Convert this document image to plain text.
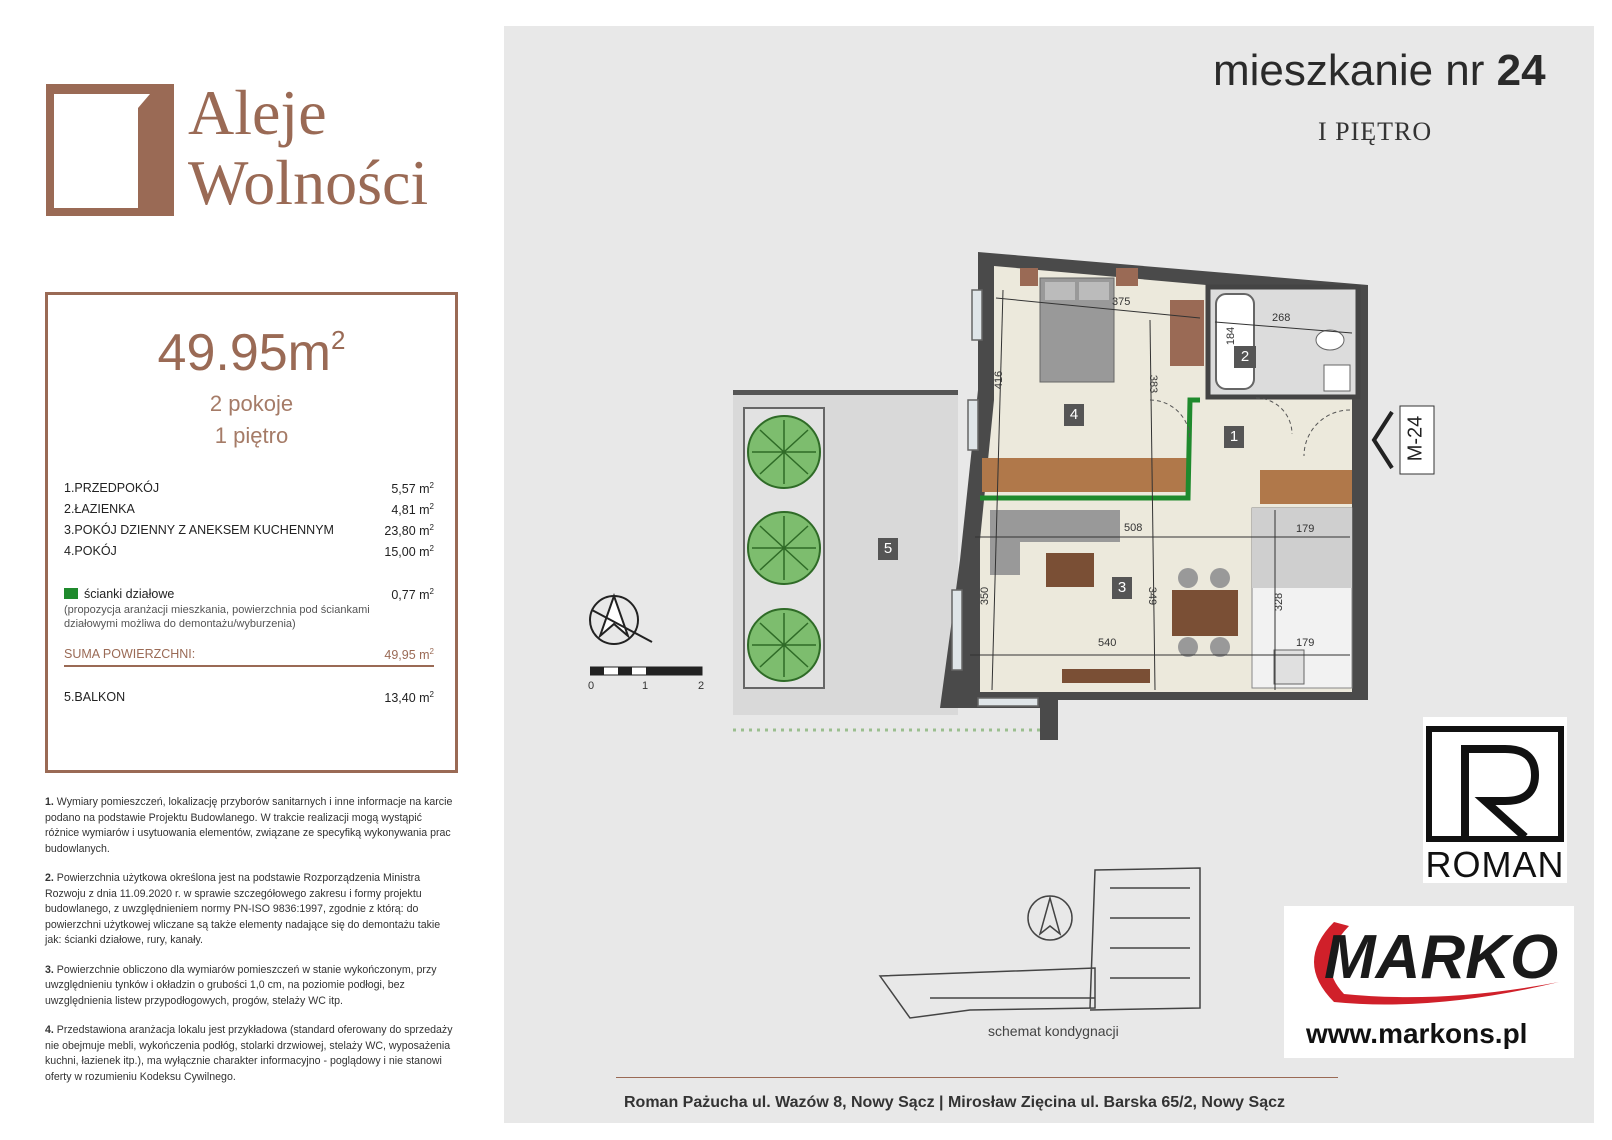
Aleje
Wolności
$49.95m^2$
2 pokoje
1 piętro
1.PRZEDPOKÓJ	5,57 $m^2$
2.ŁAZIENKA	4,81 $m^2$
3.POKÓJ DZIENNY Z ANEKSEM KUCHENNYM	23,80 $m^2$
4.POKÓJ	15,00 $m^2$
ścianki działowe	0,77 $m^2$
(propozycja aranżacji mieszkania, powierzchnia pod ściankami działowymi możliwa do demontażu/wyburzenia)
SUMA POWIERZCHNI:	49,95 $m^2$
5.BALKON	13,40 $m^2$

1. Wymiary pomieszczeń, lokalizację przyborów sanitarnych i inne informacje na karcie podano na podstawie Projektu Budowlanego. W trakcie realizacji mogą wystąpić różnice wymiarów i usytuowania elementów, związane ze specyfiką wykonywania prac budowlanych.

2. Powierzchnia użytkowa określona jest na podstawie Rozporządzenia Ministra Rozwoju z dnia 11.09.2020 r. w sprawie szczegółowego zakresu i formy projektu budowlanego, z uwzględnieniem normy PN-ISO 9836:1997, zgodnie z którą: do powierzchni użytkowej wliczane są także elementy nadające się do demontażu takie jak: ścianki działowe, rury, kanały.

3. Powierzchnie obliczono dla wymiarów pomieszczeń w stanie wykończonym, przy uwzględnieniu tynków i okładzin o grubości 1,0 cm, na poziomie podłogi, bez uwzględnienia listew przypodłogowych, progów, stelaży WC itp.

4. Przedstawiona aranżacja lokalu jest przykładowa (standard oferowany do sprzedaży nie obejmuje mebli, wykończenia podłóg, stolarki drzwiowej, stelaży WC, wyposażenia kuchni, łazienek itp.), ma wyłącznie charakter informacyjno - poglądowy i nie stanowi oferty w rozumieniu Kodeksu Cywilnego.

mieszkanie nr 24
I PIĘTRO
2
4
1
3
5
375
268
184
416	383
508	179
350	349	328
540	179
M-24
0	1	2
schemat kondygnacji
ROMAN
MARKO
www.markons.pl
Roman Pażucha ul. Wazów 8, Nowy Sącz | Mirosław Zięcina ul. Barska 65/2, Nowy Sącz
